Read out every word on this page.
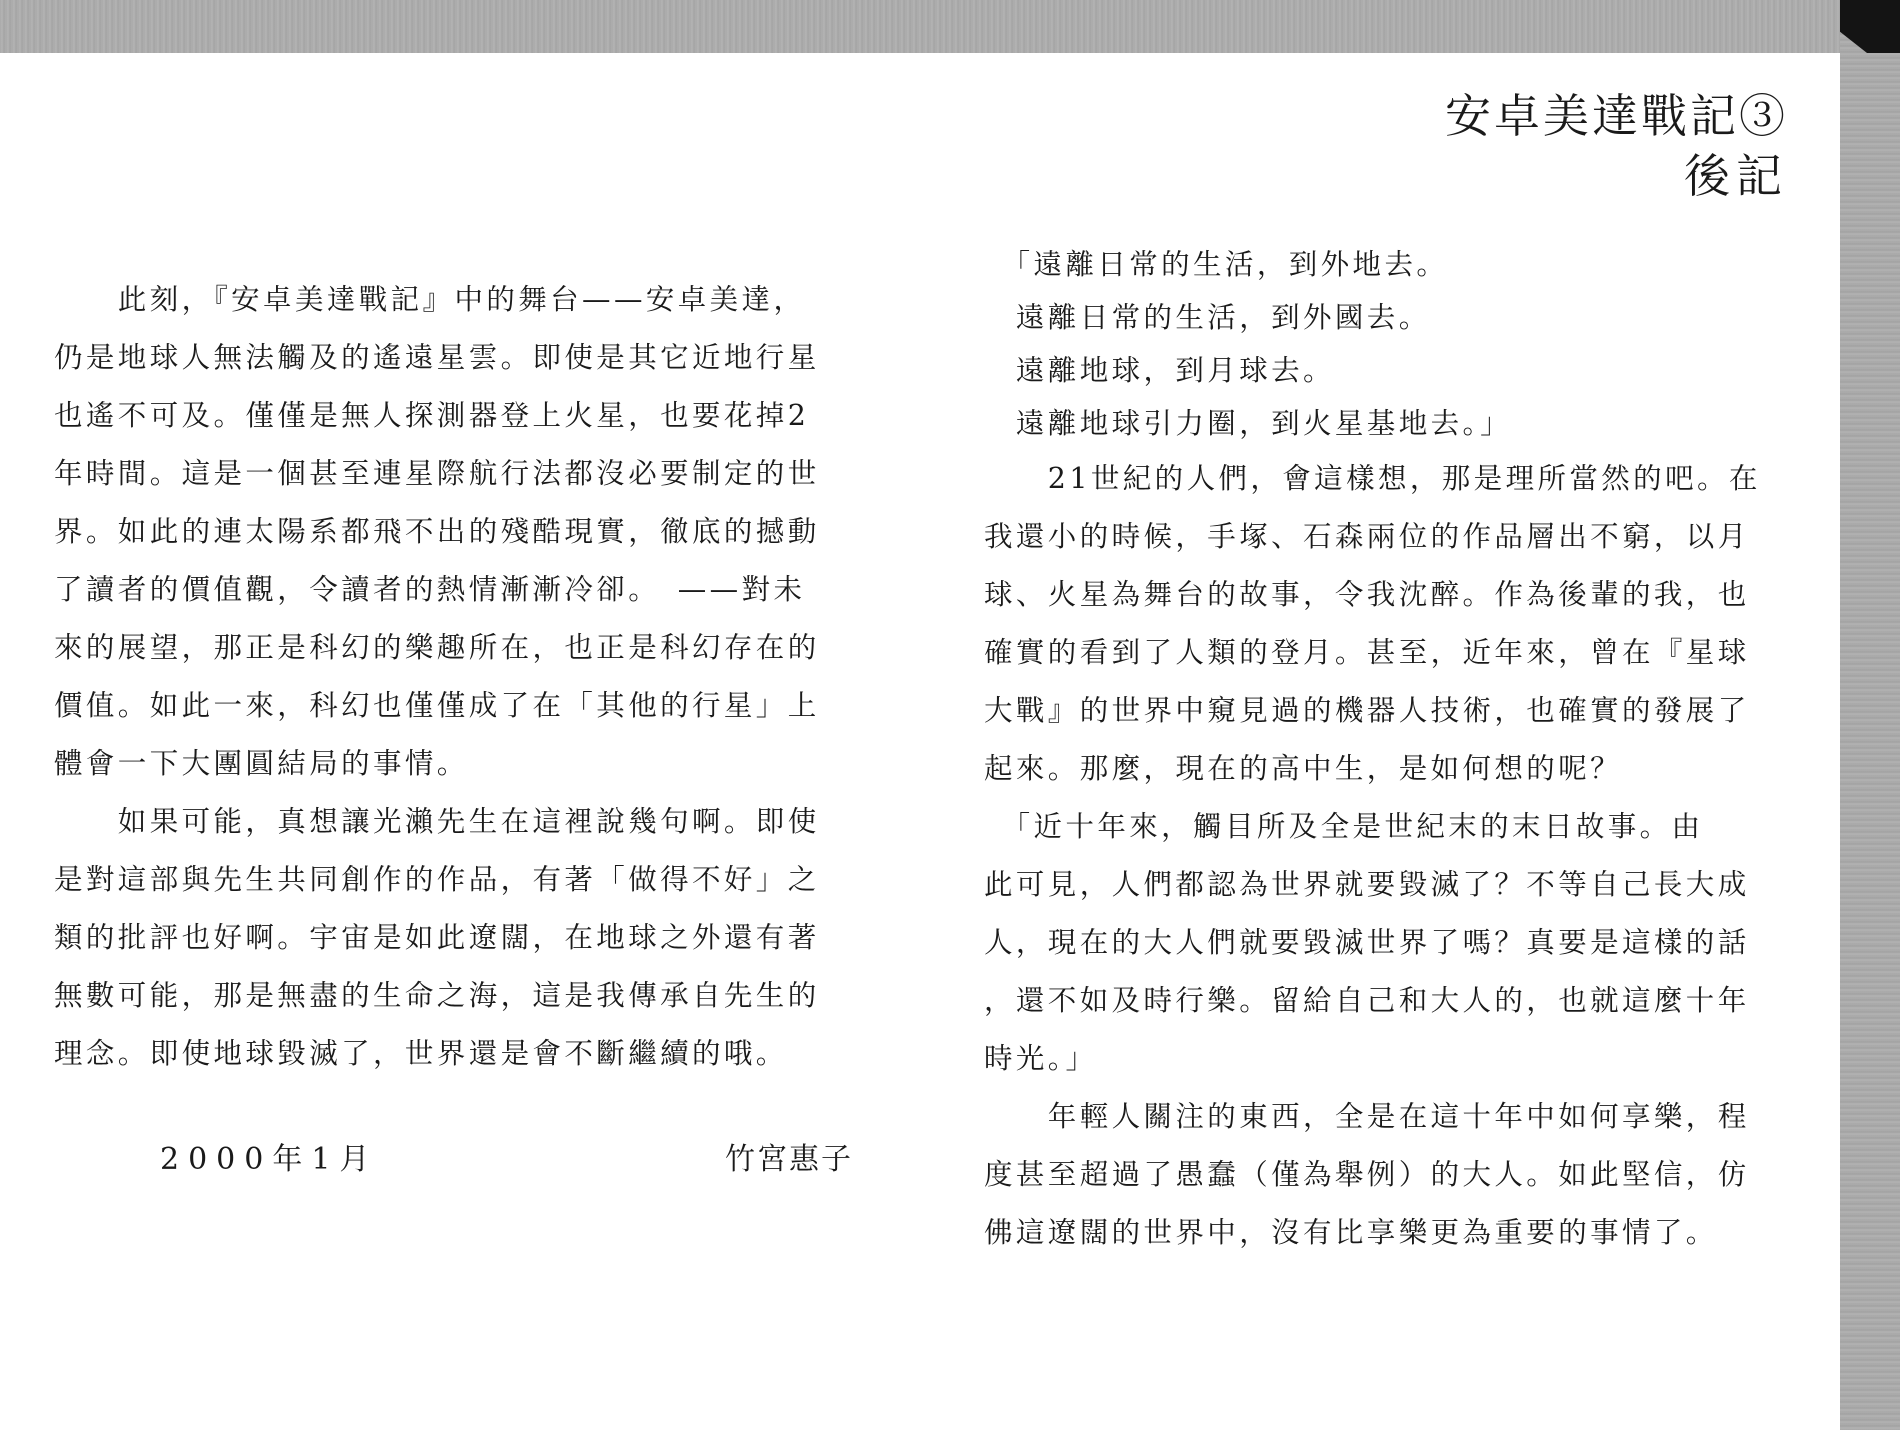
安卓美達戰記③
後記

　　此刻，『安卓美達戰記』中的舞台——安卓美達，

仍是地球人無法觸及的遙遠星雲。即使是其它近地行星

也遙不可及。僅僅是無人探測器登上火星，也要花掉2

年時間。這是一個甚至連星際航行法都沒必要制定的世

界。如此的連太陽系都飛不出的殘酷現實，徹底的撼動

了讀者的價值觀，令讀者的熱情漸漸冷卻。　——對未

來的展望，那正是科幻的樂趣所在，也正是科幻存在的

價值。如此一來，科幻也僅僅成了在「其他的行星」上

體會一下大團圓結局的事情。

　　如果可能，真想讓光瀨先生在這裡說幾句啊。即使

是對這部與先生共同創作的作品，有著「做得不好」之

類的批評也好啊。宇宙是如此遼闊，在地球之外還有著

無數可能，那是無盡的生命之海，這是我傳承自先生的

理念。即使地球毀滅了，世界還是會不斷繼續的哦。

2000年1月	竹宮惠子

　「遠離日常的生活，到外地去。

　遠離日常的生活，到外國去。

　遠離地球，到月球去。

　遠離地球引力圈，到火星基地去。」

　　21世紀的人們，會這樣想，那是理所當然的吧。在

我還小的時候，手塚、石森兩位的作品層出不窮，以月

球、火星為舞台的故事，令我沈醉。作為後輩的我，也

確實的看到了人類的登月。甚至，近年來，曾在『星球

大戰』的世界中窺見過的機器人技術，也確實的發展了

起來。那麼，現在的高中生，是如何想的呢？

　「近十年來，觸目所及全是世紀末的末日故事。由

此可見，人們都認為世界就要毀滅了？不等自己長大成

人，現在的大人們就要毀滅世界了嗎？真要是這樣的話

，還不如及時行樂。留給自己和大人的，也就這麼十年

時光。」

　　年輕人關注的東西，全是在這十年中如何享樂，程

度甚至超過了愚蠢（僅為舉例）的大人。如此堅信，仿

佛這遼闊的世界中，沒有比享樂更為重要的事情了。
